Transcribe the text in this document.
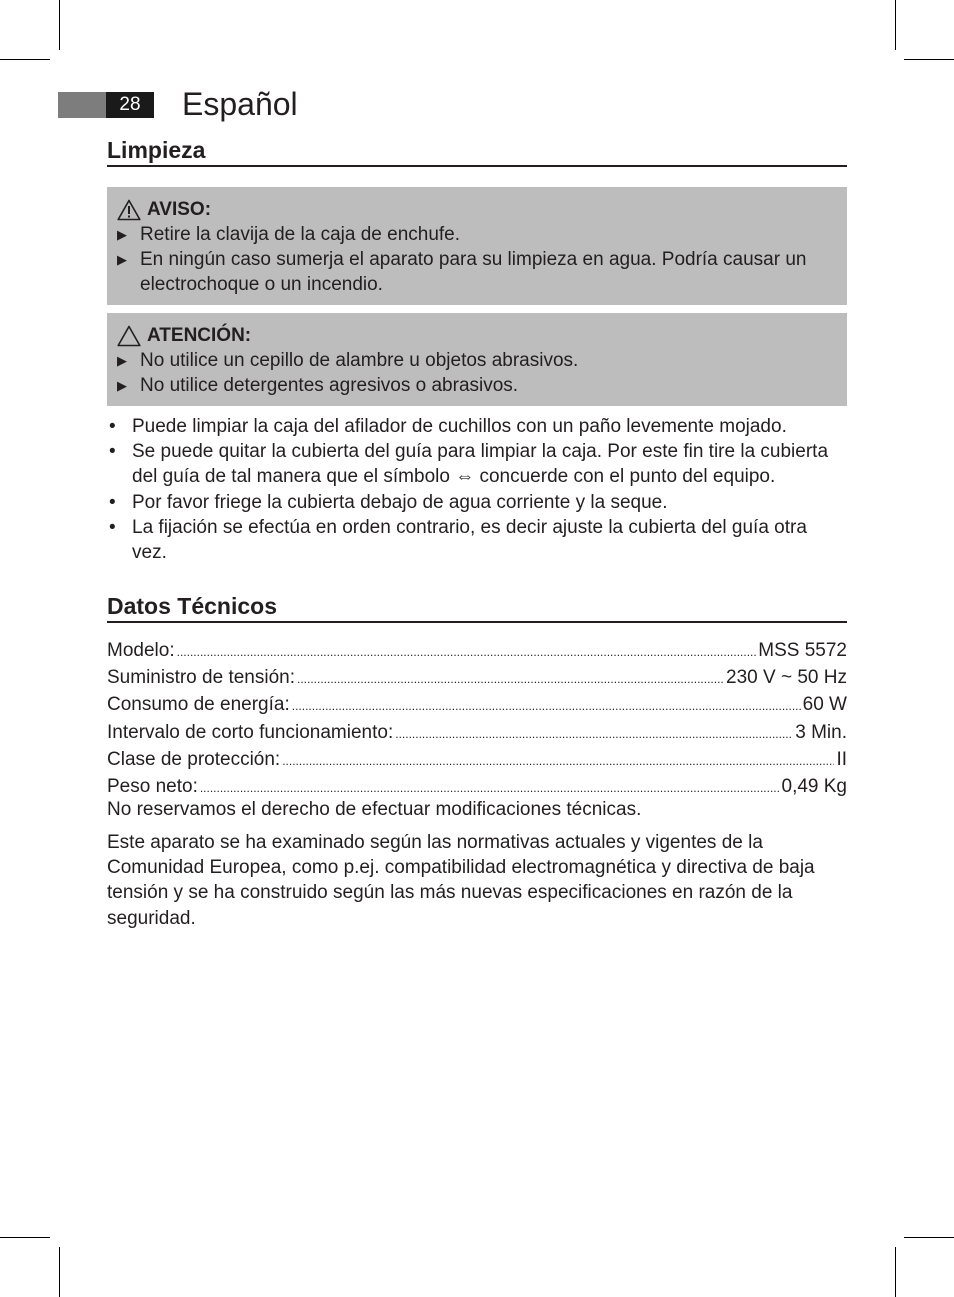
28	Español
Limpieza
AVISO:
▶ Retire la clavija de la caja de enchufe.
▶ En ningún caso sumerja el aparato para su limpieza en agua. Podría causar un electrochoque o un incendio.
ATENCIÓN:
▶ No utilice un cepillo de alambre u objetos abrasivos.
▶ No utilice detergentes agresivos o abrasivos.
• Puede limpiar la caja del afilador de cuchillos con un paño levemente mojado.
• Se puede quitar la cubierta del guía para limpiar la caja. Por este fin tire la cubierta del guía de tal manera que el símbolo ⇔ concuerde con el punto del equipo.
• Por favor friege la cubierta debajo de agua corriente y la seque.
• La fijación se efectúa en orden contrario, es decir ajuste la cubierta del guía otra vez.
Datos Técnicos
Modelo: .....	MSS 5572
Suministro de tensión: .....	230 V ~ 50 Hz
Consumo de energía: .....	60 W
Intervalo de corto funcionamiento: .....	3 Min.
Clase de protección: .....	II
Peso neto: .....	0,49 Kg
No reservamos el derecho de efectuar modificaciones técnicas.
Este aparato se ha examinado según las normativas actuales y vigentes de la Comunidad Europea, como p.ej. compatibilidad electromagnética y directiva de baja tensión y se ha construido según las más nuevas especificaciones en razón de la seguridad.
